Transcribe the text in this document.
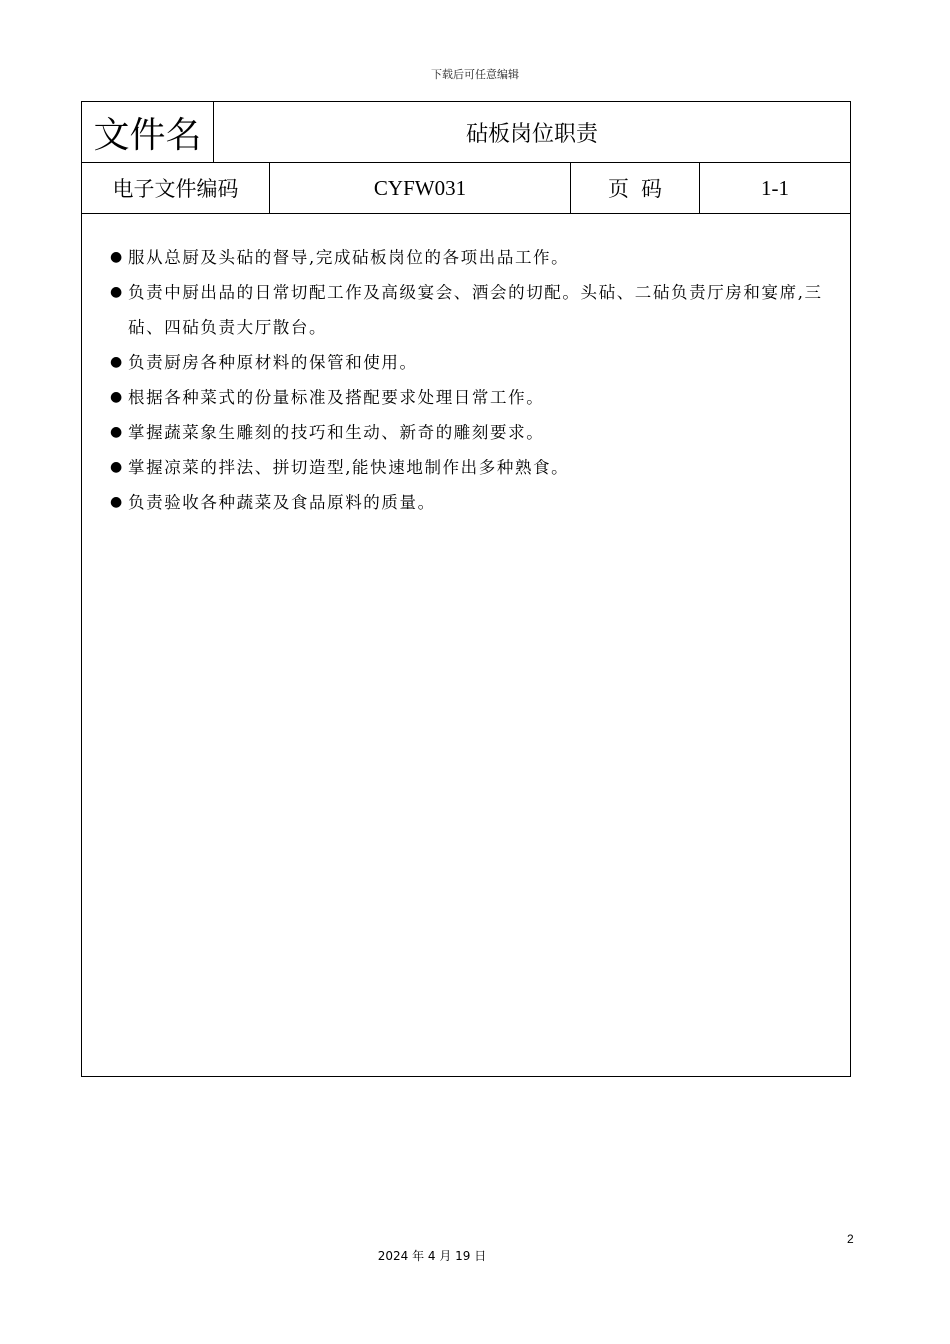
下载后可任意编辑
文件名	砧板岗位职责
电子文件编码	CYFW031	页码	1-1

● 服从总厨及头砧的督导,完成砧板岗位的各项出品工作。

● 负责中厨出品的日常切配工作及高级宴会、酒会的切配。头砧、二砧负责厅房和宴席,三砧、四砧负责大厅散台。

● 负责厨房各种原材料的保管和使用。

● 根据各种菜式的份量标准及搭配要求处理日常工作。

● 掌握蔬菜象生雕刻的技巧和生动、新奇的雕刻要求。

● 掌握凉菜的拌法、拼切造型,能快速地制作出多种熟食。

● 负责验收各种蔬菜及食品原料的质量。

2
2024 年 4 月 19 日
